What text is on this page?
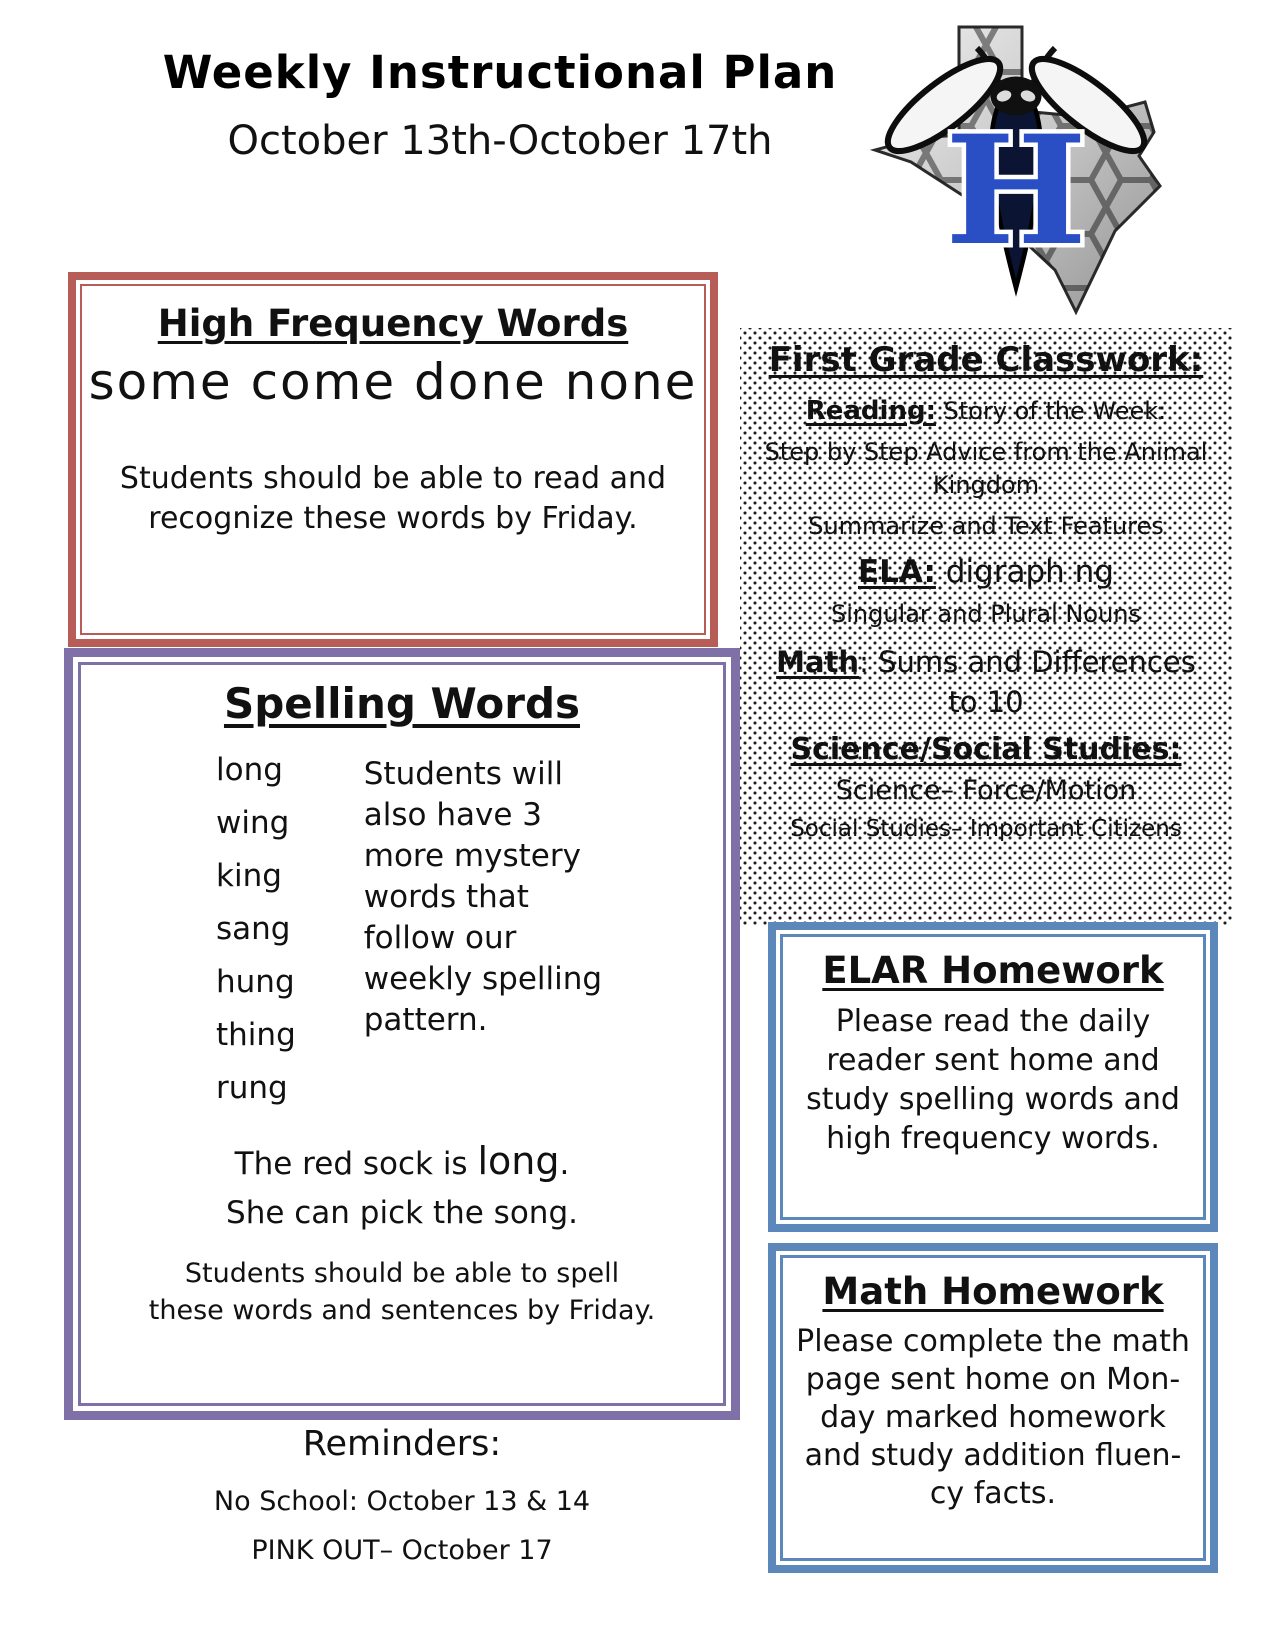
Weekly Instructional Plan
October 13th-October 17th	H
High Frequency Words
some come done none
Students should be able to read and
recognize these words by Friday.
First Grade Classwork:
Reading: Story of the Week:
Step by Step Advice from the Animal
Kingdom
Summarize and Text Features
ELA: digraph ng
Singular and Plural Nouns
Math: Sums and Differences
to 10
Science/Social Studies:
Science– Force/Motion
Social Studies– Important Citizens
Spelling Words
long
wing
king
sang
hung
thing
rung
Students will also have 3 more mystery words that follow our weekly spelling pattern.
The red sock is long.
She can pick the song.
Students should be able to spell
these words and sentences by Friday.
ELAR Homework
Please read the daily
reader sent home and
study spelling words and
high frequency words.
Math Homework
Please complete the math
page sent home on Mon-
day marked homework
and study addition fluen-
cy facts.
Reminders:
No School: October 13 & 14
PINK OUT– October 17
